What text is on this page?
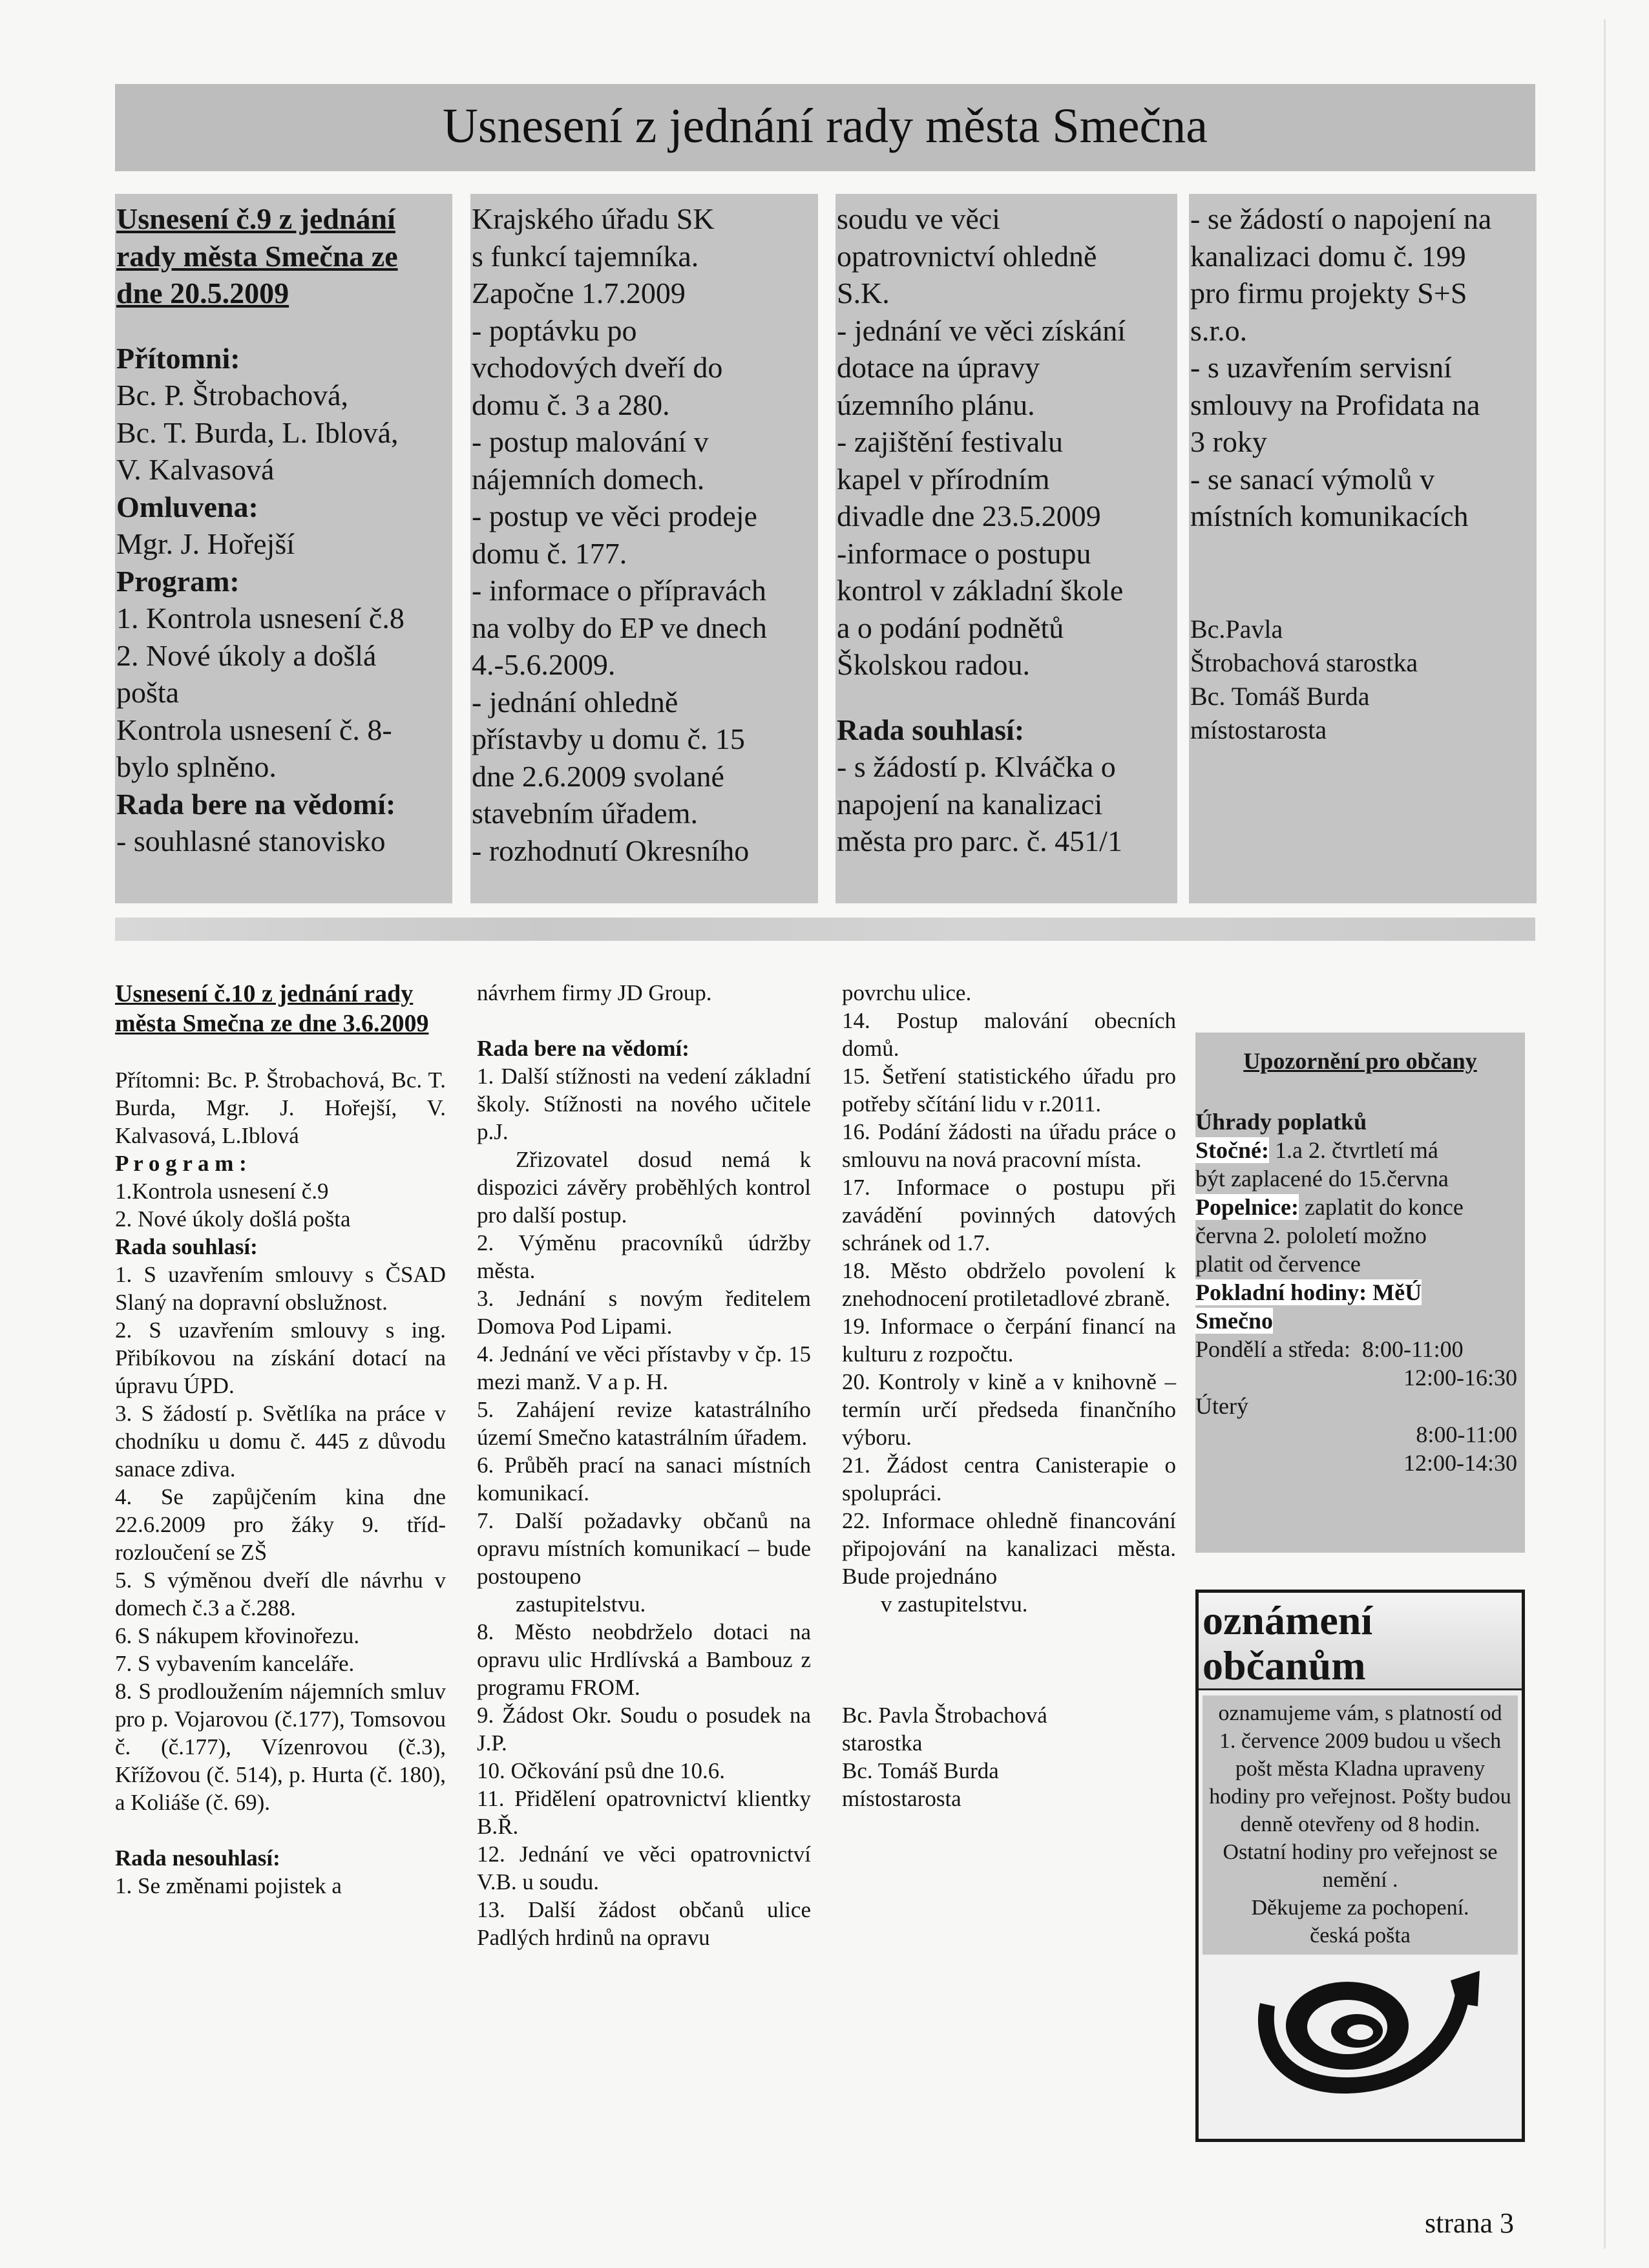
Usnesení z jednání rady města Smečna

Usnesení č.9 z jednání

rady města Smečna ze

dne 20.5.2009

Přítomni:

Bc. P. Štrobachová,

Bc. T. Burda, L. Iblová,

V. Kalvasová

Omluvena:

Mgr. J. Hořejší

Program:

1. Kontrola usnesení č.8

2. Nové úkoly a došlá

pošta

Kontrola usnesení č. 8-

bylo splněno.

Rada bere na vědomí:

- souhlasné stanovisko

Krajského úřadu SK

s funkcí tajemníka.

Započne 1.7.2009

- poptávku po

vchodových dveří do

domu č. 3 a 280.

- postup malování v

nájemních domech.

- postup ve věci prodeje

domu č. 177.

- informace o přípravách

na volby do EP ve dnech

4.-5.6.2009.

- jednání ohledně

přístavby u domu č. 15

dne 2.6.2009 svolané

stavebním úřadem.

- rozhodnutí Okresního

soudu ve věci

opatrovnictví ohledně

S.K.

- jednání ve věci získání

dotace na úpravy

územního plánu.

- zajištění festivalu

kapel v přírodním

divadle dne 23.5.2009

-informace o postupu

kontrol v základní škole

a o podání podnětů

Školskou radou.

Rada souhlasí:

- s žádostí p. Klváčka o

napojení na kanalizaci

města pro parc. č. 451/1

- se žádostí o napojení na

kanalizaci domu č. 199

pro firmu projekty S+S

s.r.o.

- s uzavřením servisní

smlouvy na Profidata na

3 roky

- se sanací výmolů v

místních komunikacích

Bc.Pavla

Štrobachová starostka

Bc. Tomáš Burda

místostarosta

Usnesení č.10 z jednání rady města Smečna ze dne 3.6.2009

Přítomni: Bc. P. Štrobachová, Bc. T. Burda, Mgr. J. Hořejší, V. Kalvasová, L.Iblová

P r o g r a m :

1.Kontrola usnesení č.9

2. Nové úkoly došlá pošta

Rada souhlasí:

1. S uzavřením smlouvy s ČSAD Slaný na dopravní obslužnost.

2. S uzavřením smlouvy s ing. Přibíkovou na získání dotací na úpravu ÚPD.

3. S žádostí p. Světlíka na práce v chodníku u domu č. 445 z důvodu sanace zdiva.

4. Se zapůjčením kina dne 22.6.2009 pro žáky 9. tříd-rozloučení se ZŠ

5. S výměnou dveří dle návrhu v domech č.3 a č.288.

6. S nákupem křovinořezu.

7. S vybavením kanceláře.

8. S prodloužením nájemních smluv pro p. Vojarovou (č.177), Tomsovou č. (č.177), Vízenrovou (č.3), Křížovou (č. 514), p. Hurta (č. 180), a Koliáše (č. 69).

Rada nesouhlasí:

1. Se změnami pojistek a

návrhem firmy JD Group.

Rada bere na vědomí:

1. Další stížnosti na vedení základní školy. Stížnosti na nového učitele p.J.

Zřizovatel dosud nemá k dispozici závěry proběhlých kontrol pro další postup.

2. Výměnu pracovníků údržby města.

3. Jednání s novým ředitelem Domova Pod Lipami.

4. Jednání ve věci přístavby v čp. 15 mezi manž. V a p. H.

5. Zahájení revize katastrálního území Smečno katastrálním úřadem.

6. Průběh prací na sanaci místních komunikací.

7. Další požadavky občanů na opravu místních komunikací – bude postoupeno

zastupitelstvu.

8. Město neobdrželo dotaci na opravu ulic Hrdlívská a Bambouz z programu FROM.

9. Žádost Okr. Soudu o posudek na J.P.

10. Očkování psů dne 10.6.

11. Přidělení opatrovnictví klientky B.Ř.

12. Jednání ve věci opatrovnictví V.B. u soudu.

13. Další žádost občanů ulice Padlých hrdinů na opravu

povrchu ulice.

14. Postup malování obecních domů.

15. Šetření statistického úřadu pro potřeby sčítání lidu v r.2011.

16. Podání žádosti na úřadu práce o smlouvu na nová pracovní místa.

17. Informace o postupu při zavádění povinných datových schránek od 1.7.

18. Město obdrželo povolení k znehodnocení protiletadlové zbraně.

19. Informace o čerpání financí na kulturu z rozpočtu.

20. Kontroly v kině a v knihovně – termín určí předseda finančního výboru.

21. Žádost centra Canisterapie o spolupráci.

22. Informace ohledně financování připojování na kanalizaci města. Bude projednáno

v zastupitelstvu.

Bc. Pavla Štrobachová

starostka

Bc. Tomáš Burda

místostarosta

Upozornění pro občany

Úhrady poplatků

Stočné: 1.a 2. čtvrtletí má

být zaplacené do 15.června

Popelnice: zaplatit do konce

června 2. pololetí možno

platit od července

Pokladní hodiny: MěÚ

Smečno

Pondělí a středa: 8:00-11:00

12:00-16:30

Úterý

8:00-11:00

12:00-14:30

oznámení občanům

oznamujeme vám, s platností od 1. července 2009 budou u všech pošt města Kladna upraveny hodiny pro veřejnost. Pošty budou denně otevřeny od 8 hodin. Ostatní hodiny pro veřejnost se nemění .

Děkujeme za pochopení.

česká pošta

strana 3
